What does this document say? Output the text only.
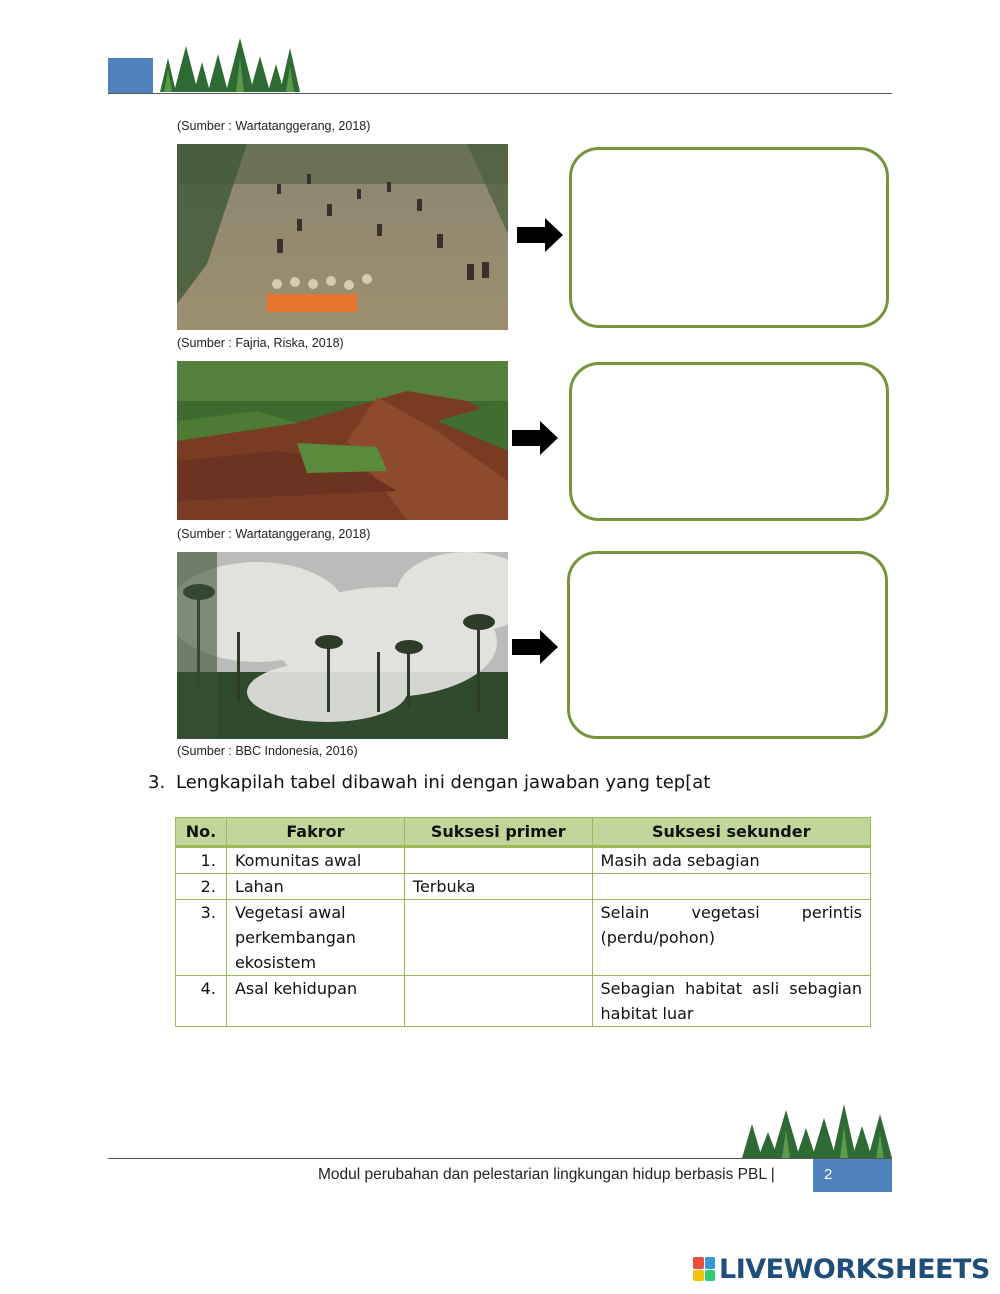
(Sumber : Wartatanggerang, 2018)
(Sumber : Fajria, Riska, 2018)
(Sumber : Wartatanggerang, 2018)
(Sumber : BBC Indonesia, 2016)
3. Lengkapilah tabel dibawah ini dengan jawaban yang tep[at
No.	Fakror	Suksesi primer	Suksesi sekunder
1.	Komunitas awal		Masih ada sebagian
2.	Lahan	Terbuka	
3.	Vegetasi awal perkembangan ekosistem		Selain vegetasi perintis (perdu/pohon)
4.	Asal kehidupan		Sebagian habitat asli sebagian habitat luar
Modul perubahan dan pelestarian lingkungan hidup berbasis PBL |	2
LIVEWORKSHEETS
